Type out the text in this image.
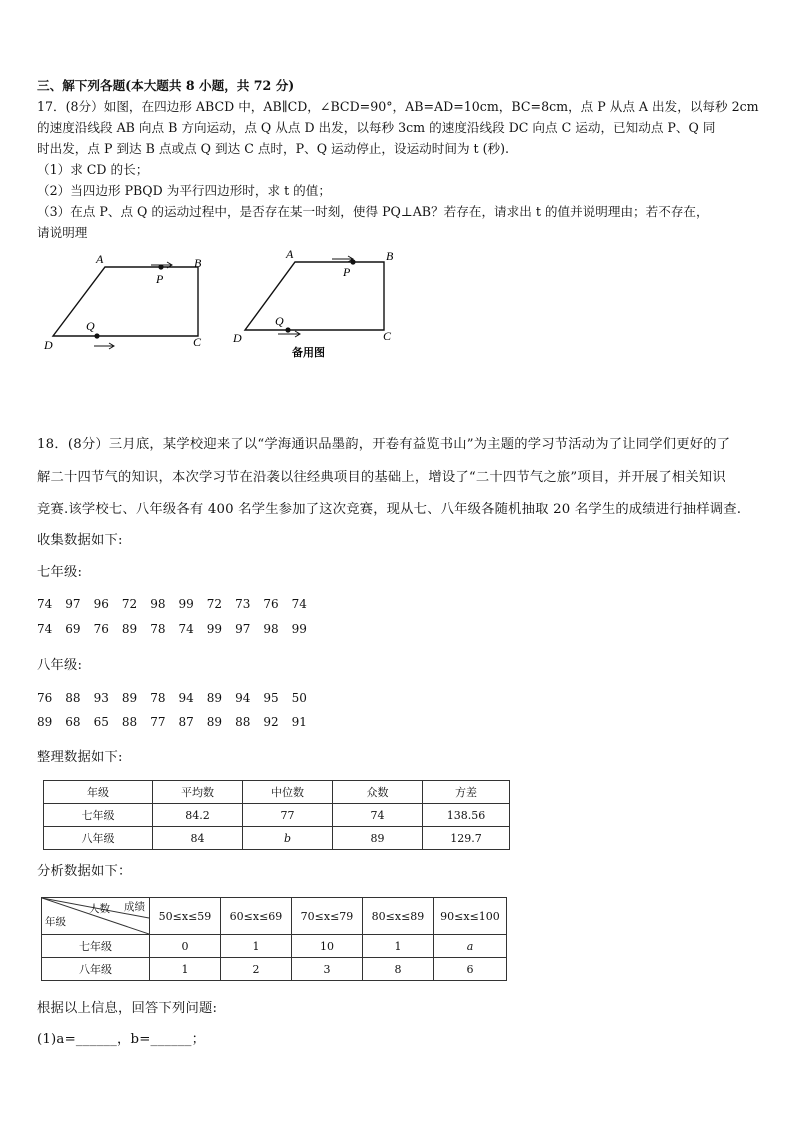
三、解下列各题(本大题共 8 小题，共 72 分)
17．(8分）如图，在四边形 ABCD 中，AB∥CD，∠BCD=90°，AB=AD=10cm，BC=8cm，点 P 从点 A 出发，以每秒 2cm
的速度沿线段 AB 向点 B 方向运动，点 Q 从点 D 出发，以每秒 3cm 的速度沿线段 DC 向点 C 运动，已知动点 P、Q 同
时出发，点 P 到达 B 点或点 Q 到达 C 点时，P、Q 运动停止，设运动时间为 t (秒).
（1）求 CD 的长；
（2）当四边形 PBQD 为平行四边形时，求 t 的值；
（3）在点 P、点 Q 的运动过程中，是否存在某一时刻，使得 PQ⊥AB？若存在，请求出 t 的值并说明理由；若不存在，
请说明理
A	B
C
D
P
Q
A	B
C
D
P
Q
备用图
18．(8分）三月底，某学校迎来了以“学海通识品墨韵，开卷有益览书山”为主题的学习节活动为了让同学们更好的了
解二十四节气的知识，本次学习节在沿袭以往经典项目的基础上，增设了“二十四节气之旅”项目，并开展了相关知识
竞赛.该学校七、八年级各有 400 名学生参加了这次竞赛，现从七、八年级各随机抽取 20 名学生的成绩进行抽样调查.
收集数据如下:
七年级:
74	97	96	72	98	99	72	73	76	74
74	69	76	89	78	74	99	97	98	99
八年级:
76	88	93	89	78	94	89	94	95	50
89	68	65	88	77	87	89	88	92	91
整理数据如下:
年级	平均数	中位数	众数	方差
七年级	84.2	77	74	138.56
八年级	84	b	89	129.7
分析数据如下：
成绩
人数
年级	50≤x≤59	60≤x≤69	70≤x≤79	80≤x≤89	90≤x≤100
七年级	0	1	10	1	a
八年级	1	2	3	8	6
根据以上信息，回答下列问题:
(1)a=______，b=______；
